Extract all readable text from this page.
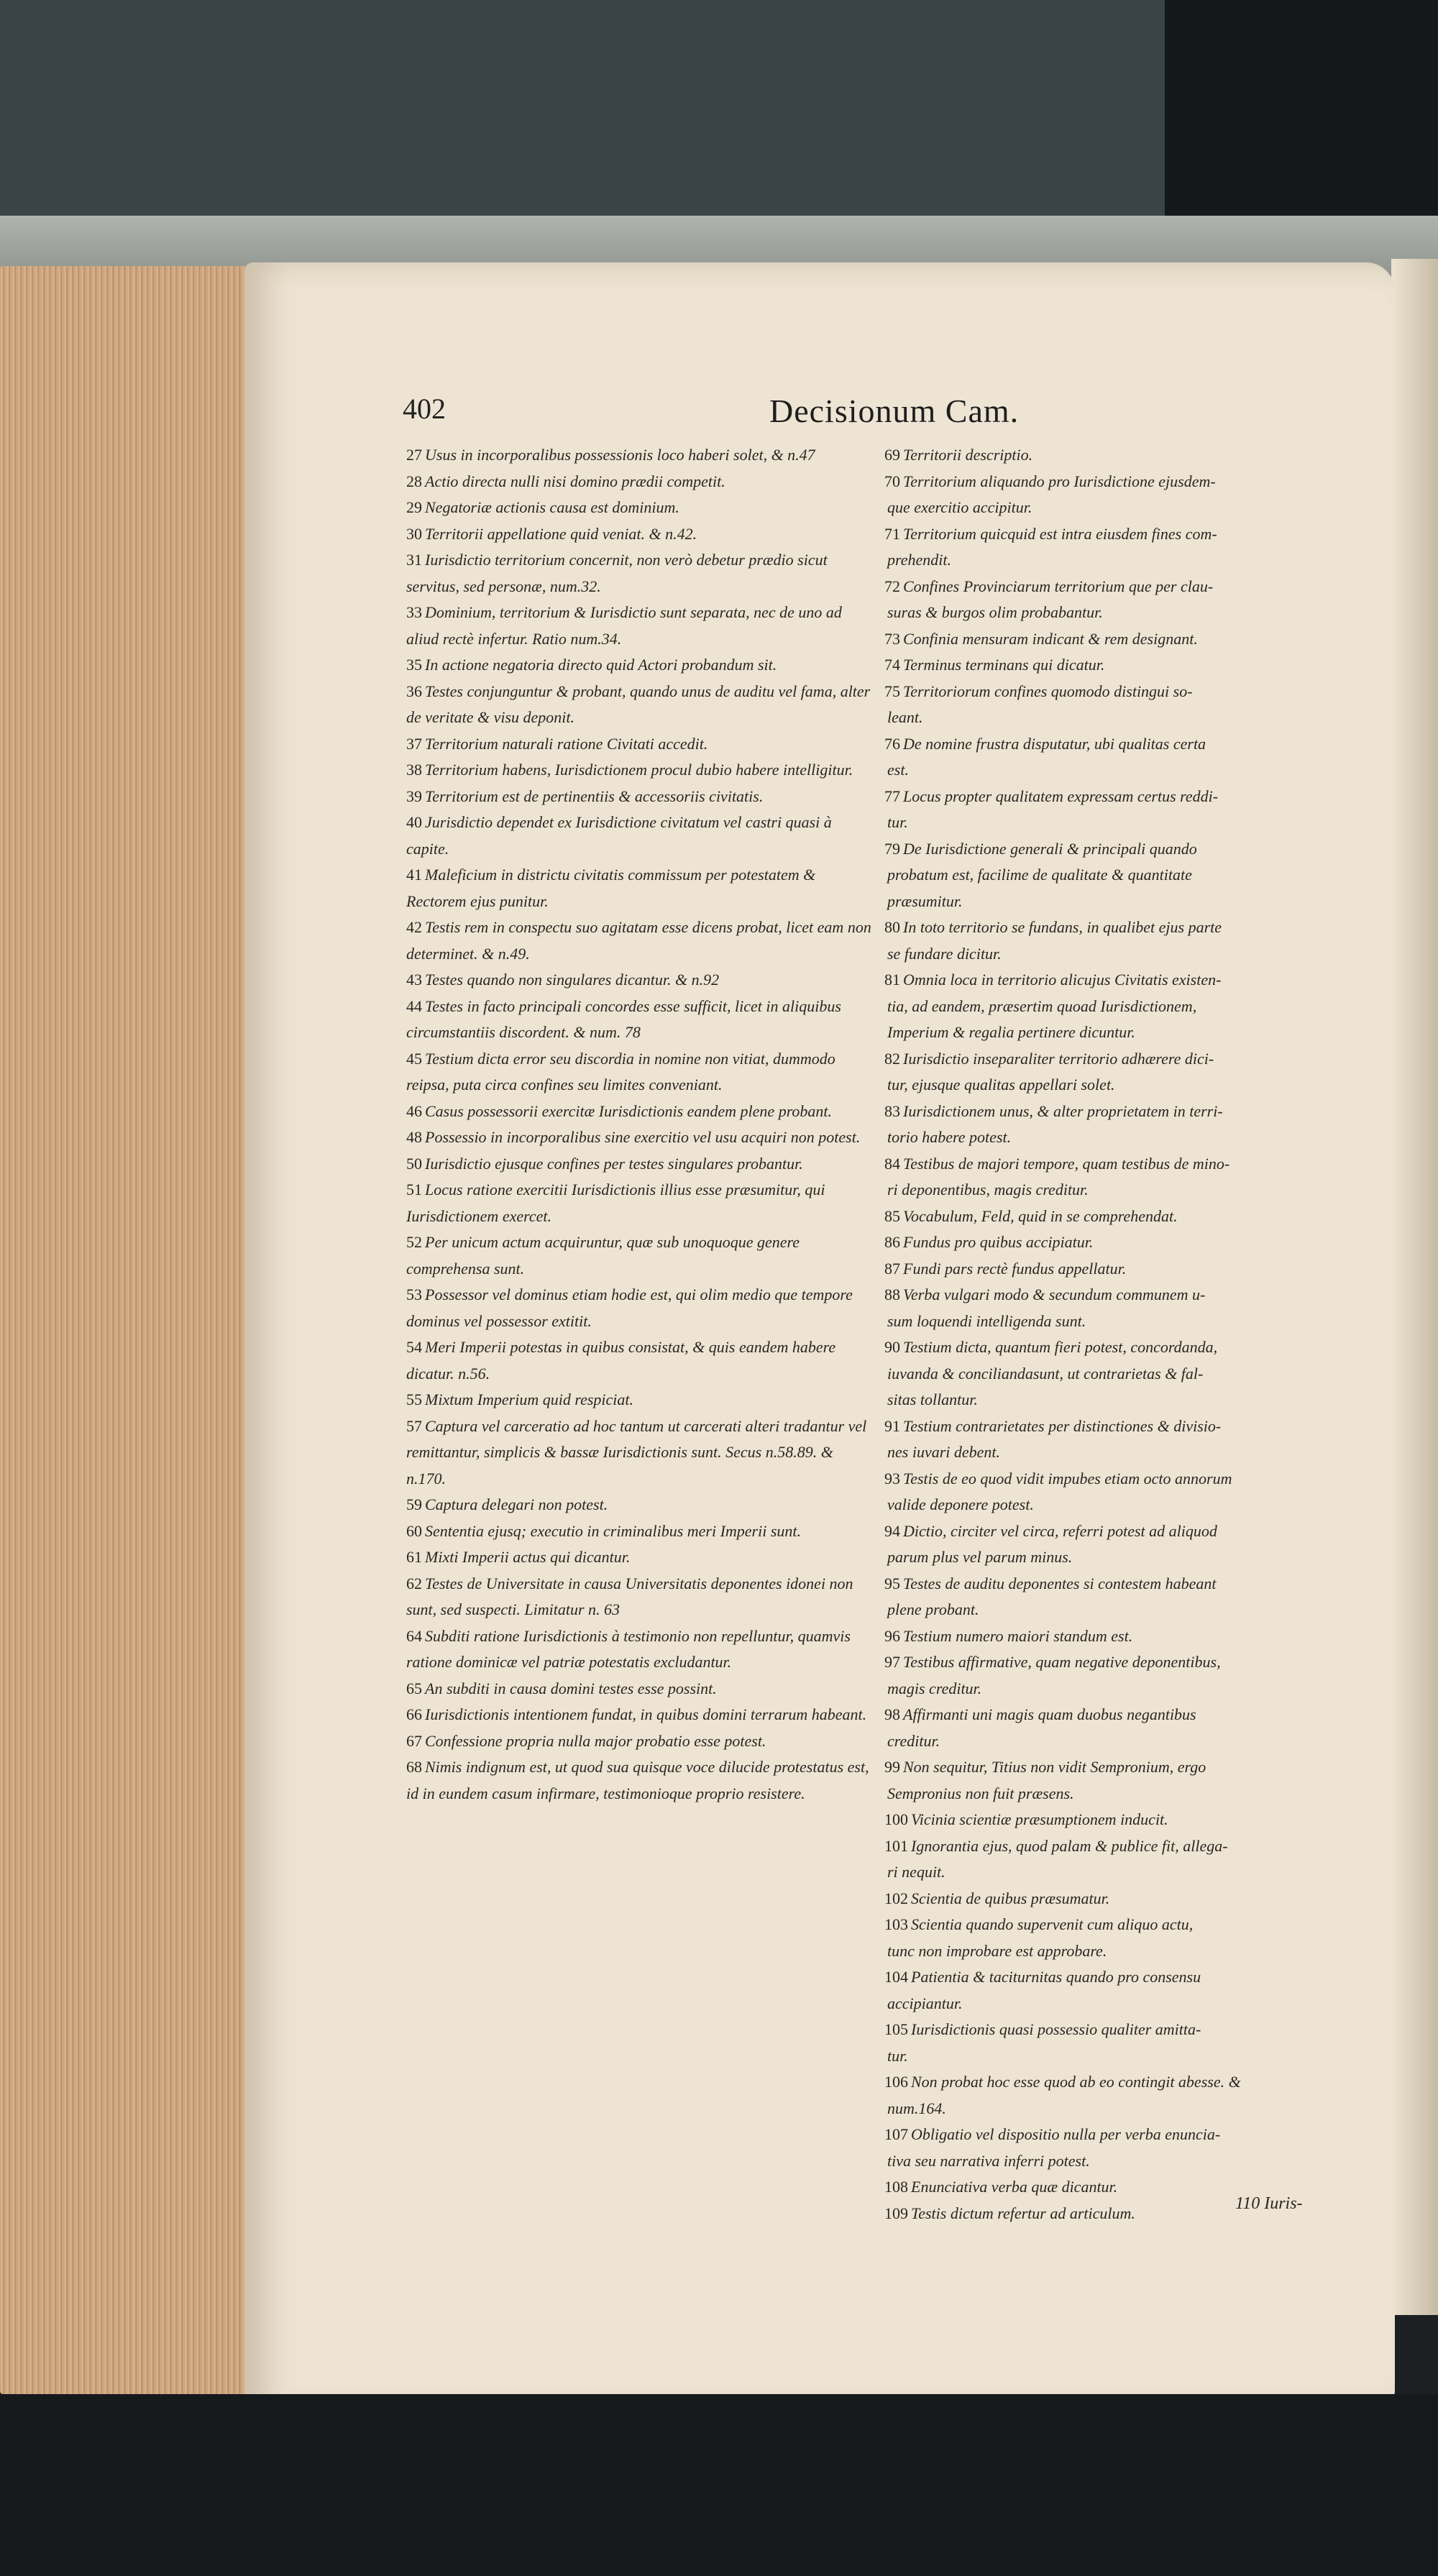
402	Decisionum Cam.

27 Usus in incorporalibus possessionis loco haberi solet, & n.47

28 Actio directa nulli nisi domino prædii competit.

29 Negatoriæ actionis causa est dominium.

30 Territorii appellatione quid veniat. & n.42.

31 Iurisdictio territorium concernit, non verò debetur prædio sicut servitus, sed personæ, num.32.

33 Dominium, territorium & Iurisdictio sunt separata, nec de uno ad aliud rectè infertur. Ratio num.34.

35 In actione negatoria directo quid Actori probandum sit.

36 Testes conjunguntur & probant, quando unus de auditu vel fama, alter de veritate & visu deponit.

37 Territorium naturali ratione Civitati accedit.

38 Territorium habens, Iurisdictionem procul dubio habere intelligitur.

39 Territorium est de pertinentiis & accessoriis civitatis.

40 Jurisdictio dependet ex Iurisdictione civitatum vel castri quasi à capite.

41 Maleficium in districtu civitatis commissum per potestatem & Rectorem ejus punitur.

42 Testis rem in conspectu suo agitatam esse dicens probat, licet eam non determinet. & n.49.

43 Testes quando non singulares dicantur. & n.92

44 Testes in facto principali concordes esse sufficit, licet in aliquibus circumstantiis discordent. & num. 78

45 Testium dicta error seu discordia in nomine non vitiat, dummodo reipsa, puta circa confines seu limites conveniant.

46 Casus possessorii exercitæ Iurisdictionis eandem plene probant.

48 Possessio in incorporalibus sine exercitio vel usu acquiri non potest.

50 Iurisdictio ejusque confines per testes singulares probantur.

51 Locus ratione exercitii Iurisdictionis illius esse præsumitur, qui Iurisdictionem exercet.

52 Per unicum actum acquiruntur, quæ sub unoquoque genere comprehensa sunt.

53 Possessor vel dominus etiam hodie est, qui olim medio que tempore dominus vel possessor extitit.

54 Meri Imperii potestas in quibus consistat, & quis eandem habere dicatur. n.56.

55 Mixtum Imperium quid respiciat.

57 Captura vel carceratio ad hoc tantum ut carcerati alteri tradantur vel remittantur, simplicis & bassæ Iurisdictionis sunt. Secus n.58.89. & n.170.

59 Captura delegari non potest.

60 Sententia ejusq; executio in criminalibus meri Imperii sunt.

61 Mixti Imperii actus qui dicantur.

62 Testes de Universitate in causa Universitatis deponentes idonei non sunt, sed suspecti. Limitatur n. 63

64 Subditi ratione Iurisdictionis à testimonio non repelluntur, quamvis ratione dominicæ vel patriæ potestatis excludantur.

65 An subditi in causa domini testes esse possint.

66 Iurisdictionis intentionem fundat, in quibus domini terrarum habeant.

67 Confessione propria nulla major probatio esse potest.

68 Nimis indignum est, ut quod sua quisque voce dilucide protestatus est, id in eundem casum infirmare, testimonioque proprio resistere.

69 Territorii descriptio.

70 Territorium aliquando pro Iurisdictione ejusdem-

que exercitio accipitur.

71 Territorium quicquid est intra eiusdem fines com-

prehendit.

72 Confines Provinciarum territorium que per clau-

suras & burgos olim probabantur.

73 Confinia mensuram indicant & rem designant.

74 Terminus terminans qui dicatur.

75 Territoriorum confines quomodo distingui so-

leant.

76 De nomine frustra disputatur, ubi qualitas certa

est.

77 Locus propter qualitatem expressam certus reddi-

tur.

79 De Iurisdictione generali & principali quando

probatum est, facilime de qualitate & quantitate

præsumitur.

80 In toto territorio se fundans, in qualibet ejus parte

se fundare dicitur.

81 Omnia loca in territorio alicujus Civitatis existen-

tia, ad eandem, præsertim quoad Iurisdictionem,

Imperium & regalia pertinere dicuntur.

82 Iurisdictio inseparaliter territorio adhærere dici-

tur, ejusque qualitas appellari solet.

83 Iurisdictionem unus, & alter proprietatem in terri-

torio habere potest.

84 Testibus de majori tempore, quam testibus de mino-

ri deponentibus, magis creditur.

85 Vocabulum, Feld, quid in se comprehendat.

86 Fundus pro quibus accipiatur.

87 Fundi pars rectè fundus appellatur.

88 Verba vulgari modo & secundum communem u-

sum loquendi intelligenda sunt.

90 Testium dicta, quantum fieri potest, concordanda,

iuvanda & conciliandasunt, ut contrarietas & fal-

sitas tollantur.

91 Testium contrarietates per distinctiones & divisio-

nes iuvari debent.

93 Testis de eo quod vidit impubes etiam octo annorum

valide deponere potest.

94 Dictio, circiter vel circa, referri potest ad aliquod

parum plus vel parum minus.

95 Testes de auditu deponentes si contestem habeant

plene probant.

96 Testium numero maiori standum est.

97 Testibus affirmative, quam negative deponentibus,

magis creditur.

98 Affirmanti uni magis quam duobus negantibus

creditur.

99 Non sequitur, Titius non vidit Sempronium, ergo

Sempronius non fuit præsens.

100 Vicinia scientiæ præsumptionem inducit.

101 Ignorantia ejus, quod palam & publice fit, allega-

ri nequit.

102 Scientia de quibus præsumatur.

103 Scientia quando supervenit cum aliquo actu,

tunc non improbare est approbare.

104 Patientia & taciturnitas quando pro consensu

accipiantur.

105 Iurisdictionis quasi possessio qualiter amitta-

tur.

106 Non probat hoc esse quod ab eo contingit abesse. &

num.164.

107 Obligatio vel dispositio nulla per verba enuncia-

tiva seu narrativa inferri potest.

108 Enunciativa verba quæ dicantur.

109 Testis dictum refertur ad articulum.	110 Iuris-
